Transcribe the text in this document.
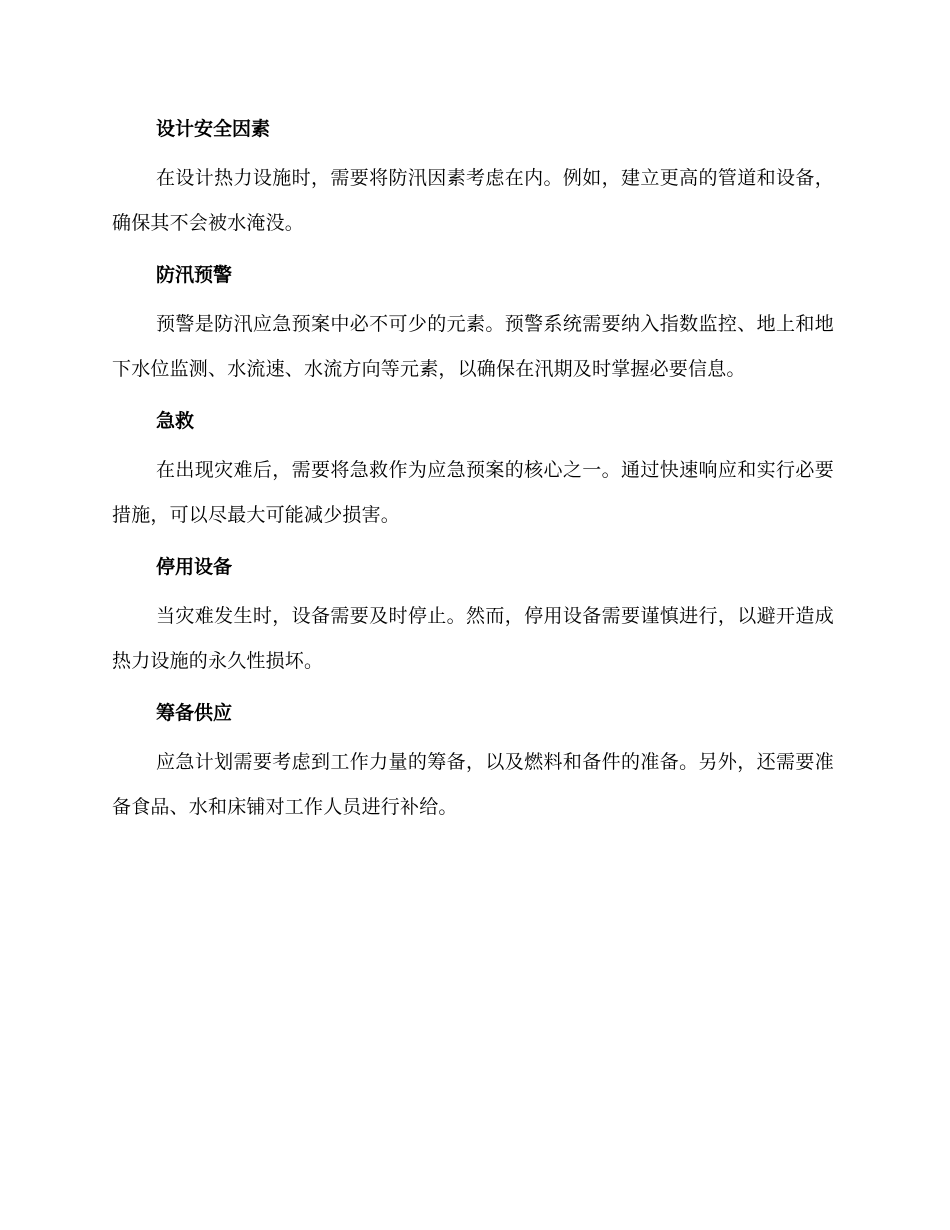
设计安全因素
在设计热力设施时，需要将防汛因素考虑在内。例如，建立更高的管道和设备，确保其不会被水淹没。
防汛预警
预警是防汛应急预案中必不可少的元素。预警系统需要纳入指数监控、地上和地下水位监测、水流速、水流方向等元素，以确保在汛期及时掌握必要信息。
急救
在出现灾难后，需要将急救作为应急预案的核心之一。通过快速响应和实行必要措施，可以尽最大可能减少损害。
停用设备
当灾难发生时，设备需要及时停止。然而，停用设备需要谨慎进行，以避开造成热力设施的永久性损坏。
筹备供应
应急计划需要考虑到工作力量的筹备，以及燃料和备件的准备。另外，还需要准备食品、水和床铺对工作人员进行补给。
